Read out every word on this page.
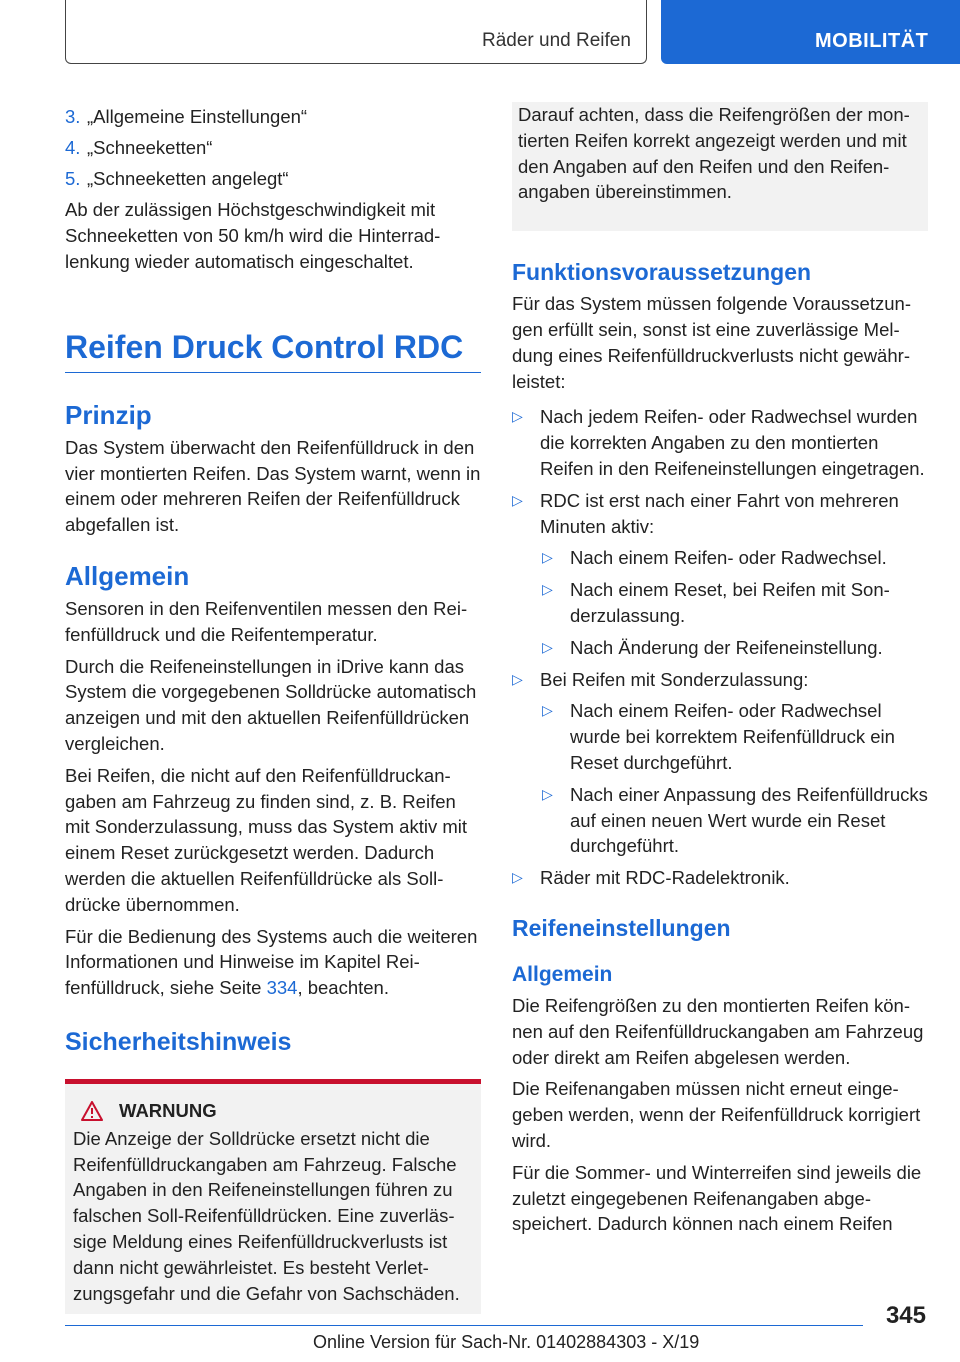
Räder und Reifen	MOBILITÄT
3. „Allgemeine Einstellungen“
4. „Schneeketten“
5. „Schneeketten angelegt“

Ab der zulässigen Höchstgeschwindigkeit mit Schneeketten von 50 km/h wird die Hinterradlenkung wieder automatisch eingeschaltet.

Reifen Druck Control RDC
Prinzip

Das System überwacht den Reifenfülldruck in den vier montierten Reifen. Das System warnt, wenn in einem oder mehreren Reifen der Reifenfülldruck abgefallen ist.

Allgemein

Sensoren in den Reifenventilen messen den Reifenfülldruck und die Reifentemperatur.

Durch die Reifeneinstellungen in iDrive kann das System die vorgegebenen Solldrücke automatisch anzeigen und mit den aktuellen Reifenfülldrücken vergleichen.

Bei Reifen, die nicht auf den Reifenfülldruckangaben am Fahrzeug zu finden sind, z. B. Reifen mit Sonderzulassung, muss das System aktiv mit einem Reset zurückgesetzt werden. Dadurch werden die aktuellen Reifenfülldrücke als Solldrücke übernommen.

Für die Bedienung des Systems auch die weiteren Informationen und Hinweise im Kapitel Reifenfülldruck, siehe Seite 334, beachten.

Sicherheitshinweis
WARNUNG
Die Anzeige der Solldrücke ersetzt nicht die Reifenfülldruckangaben am Fahrzeug. Falsche Angaben in den Reifeneinstellungen führen zu falschen Soll-Reifenfülldrücken. Eine zuverlässige Meldung eines Reifenfülldruckverlusts ist dann nicht gewährleistet. Es besteht Verletzungsgefahr und die Gefahr von Sachschäden.
Darauf achten, dass die Reifengrößen der montierten Reifen korrekt angezeigt werden und mit den Angaben auf den Reifen und den Reifenangaben übereinstimmen.
Funktionsvoraussetzungen

Für das System müssen folgende Voraussetzungen erfüllt sein, sonst ist eine zuverlässige Meldung eines Reifenfülldruckverlusts nicht gewährleistet:

▷ Nach jedem Reifen- oder Radwechsel wurden die korrekten Angaben zu den montierten Reifen in den Reifeneinstellungen eingetragen.
▷ RDC ist erst nach einer Fahrt von mehreren Minuten aktiv:
▷ Nach einem Reifen- oder Radwechsel.
▷ Nach einem Reset, bei Reifen mit Sonderzulassung.
▷ Nach Änderung der Reifeneinstellung.
▷ Bei Reifen mit Sonderzulassung:
▷ Nach einem Reifen- oder Radwechsel wurde bei korrektem Reifenfülldruck ein Reset durchgeführt.
▷ Nach einer Anpassung des Reifenfülldrucks auf einen neuen Wert wurde ein Reset durchgeführt.
▷ Räder mit RDC-Radelektronik.
Reifeneinstellungen
Allgemein

Die Reifengrößen zu den montierten Reifen können auf den Reifenfülldruckangaben am Fahrzeug oder direkt am Reifen abgelesen werden.

Die Reifenangaben müssen nicht erneut eingegeben werden, wenn der Reifenfülldruck korrigiert wird.

Für die Sommer- und Winterreifen sind jeweils die zuletzt eingegebenen Reifenangaben abgespeichert. Dadurch können nach einem Reifen

345
Online Version für Sach-Nr. 01402884303 - X/19
